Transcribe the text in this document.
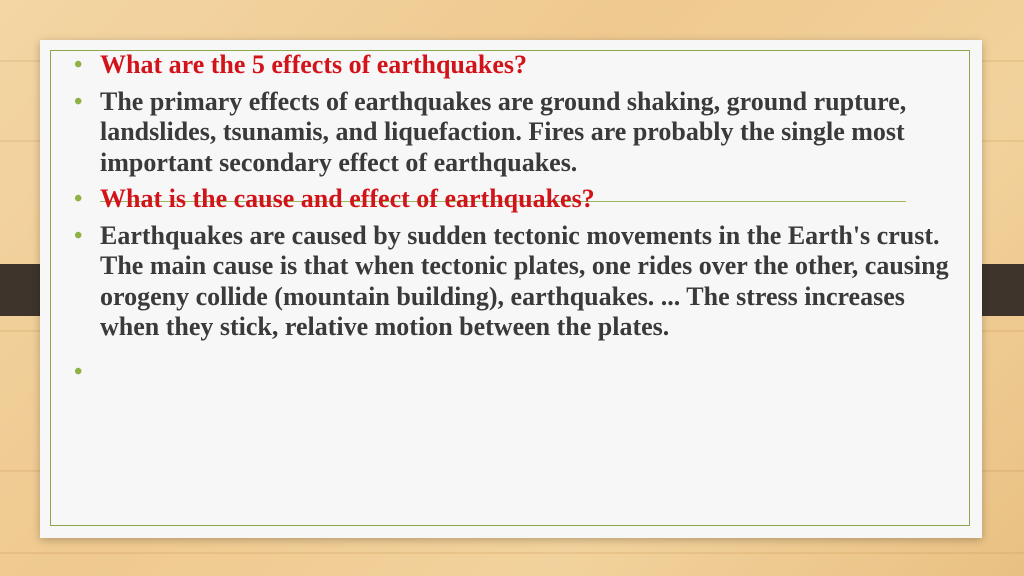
• What are the 5 effects of earthquakes?
• The primary effects of earthquakes are ground shaking, ground rupture, landslides, tsunamis, and liquefaction. Fires are probably the single most important secondary effect of earthquakes.
• What is the cause and effect of earthquakes?
• Earthquakes are caused by sudden tectonic movements in the Earth's crust. The main cause is that when tectonic plates, one rides over the other, causing orogeny collide (mountain building), earthquakes. ... The stress increases when they stick, relative motion between the plates.
•
